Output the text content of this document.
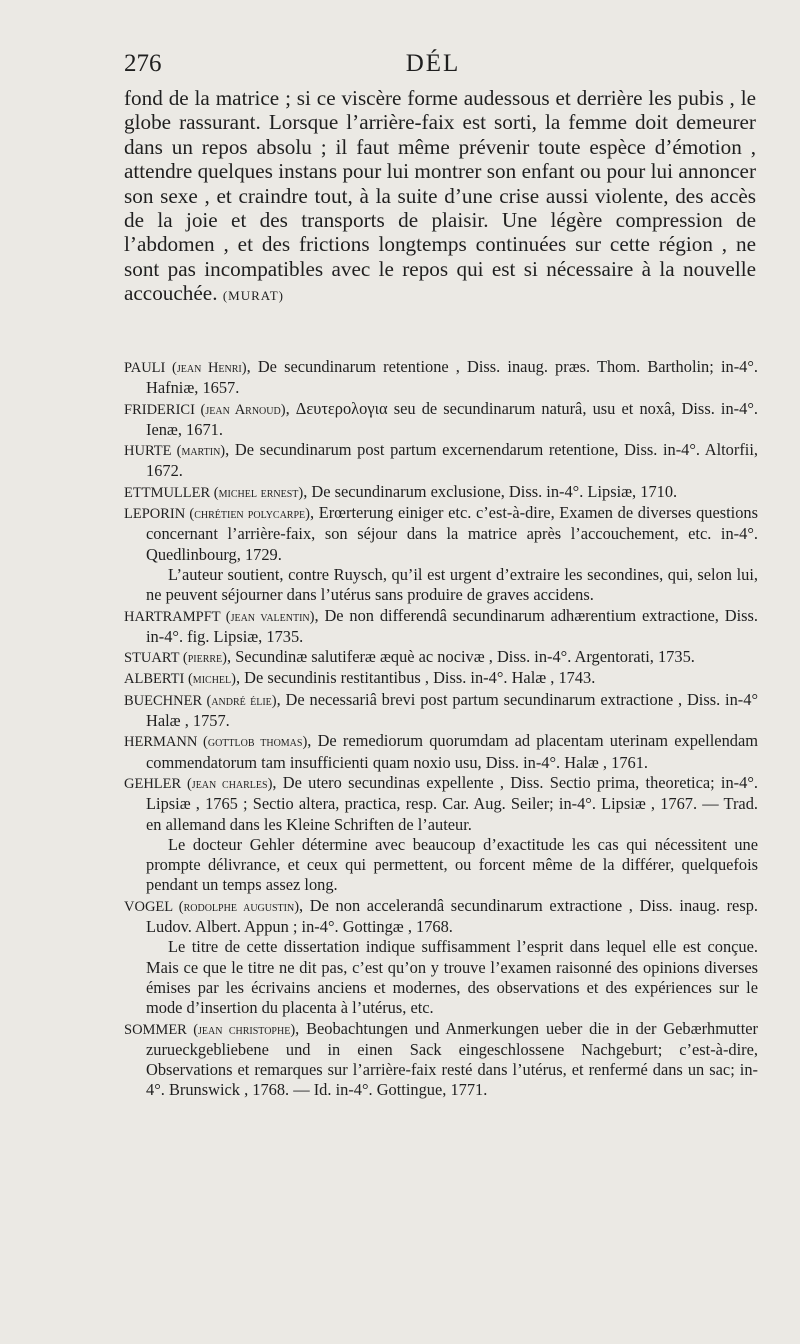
276	DÉL

fond de la matrice ; si ce viscère forme audessous et derrière les pubis , le globe rassurant. Lorsque l’arrière-faix est sorti, la femme doit demeurer dans un repos absolu ; il faut même prévenir toute espèce d’émotion , attendre quelques instans pour lui montrer son enfant ou pour lui annoncer son sexe , et craindre tout, à la suite d’une crise aussi violente, des accès de la joie et des transports de plaisir. Une légère compression de l’abdomen , et des frictions longtemps continuées sur cette région , ne sont pas incompatibles avec le repos qui est si nécessaire à la nouvelle accouchée. (MURAT)

PAULI (jean Henri), De secundinarum retentione , Diss. inaug. præs. Thom. Bartholin; in-4°. Hafniæ, 1657.
FRIDERICI (jean Arnoud), Δευτερολογια seu de secundinarum naturâ, usu et noxâ, Diss. in-4°. Ienæ, 1671.
HURTE (martin), De secundinarum post partum excernendarum retentione, Diss. in-4°. Altorfii, 1672.
ETTMULLER (michel ernest), De secundinarum exclusione, Diss. in-4°. Lipsiæ, 1710.
LEPORIN (chrétien polycarpe), Erœrterung einiger etc. c’est-à-dire, Examen de diverses questions concernant l’arrière-faix, son séjour dans la matrice après l’accouchement, etc. in-4°. Quedlinbourg, 1729.
L’auteur soutient, contre Ruysch, qu’il est urgent d’extraire les secondines, qui, selon lui, ne peuvent séjourner dans l’utérus sans produire de graves accidens.
HARTRAMPFT (jean valentin), De non differendâ secundinarum adhærentium extractione, Diss. in-4°. fig. Lipsiæ, 1735.
STUART (pierre), Secundinæ salutiferæ æquè ac nocivæ , Diss. in-4°. Argentorati, 1735.
ALBERTI (michel), De secundinis restitantibus , Diss. in-4°. Halæ , 1743.
BUECHNER (andré élie), De necessariâ brevi post partum secundinarum extractione , Diss. in-4° Halæ , 1757.
HERMANN (gottlob thomas), De remediorum quorumdam ad placentam uterinam expellendam commendatorum tam insufficienti quam noxio usu, Diss. in-4°. Halæ , 1761.
GEHLER (jean charles), De utero secundinas expellente , Diss. Sectio prima, theoretica; in-4°. Lipsiæ , 1765 ; Sectio altera, practica, resp. Car. Aug. Seiler; in-4°. Lipsiæ , 1767. — Trad. en allemand dans les Kleine Schriften de l’auteur.
Le docteur Gehler détermine avec beaucoup d’exactitude les cas qui nécessitent une prompte délivrance, et ceux qui permettent, ou forcent même de la différer, quelquefois pendant un temps assez long.
VOGEL (rodolphe augustin), De non accelerandâ secundinarum extractione , Diss. inaug. resp. Ludov. Albert. Appun ; in-4°. Gottingæ , 1768.
Le titre de cette dissertation indique suffisamment l’esprit dans lequel elle est conçue. Mais ce que le titre ne dit pas, c’est qu’on y trouve l’examen raisonné des opinions diverses émises par les écrivains anciens et modernes, des observations et des expériences sur le mode d’insertion du placenta à l’utérus, etc.
SOMMER (jean christophe), Beobachtungen und Anmerkungen ueber die in der Gebærhmutter zurueckgebliebene und in einen Sack eingeschlossene Nachgeburt; c’est-à-dire, Observations et remarques sur l’arrière-faix resté dans l’utérus, et renfermé dans un sac; in-4°. Brunswick , 1768. — Id. in-4°. Gottingue, 1771.
